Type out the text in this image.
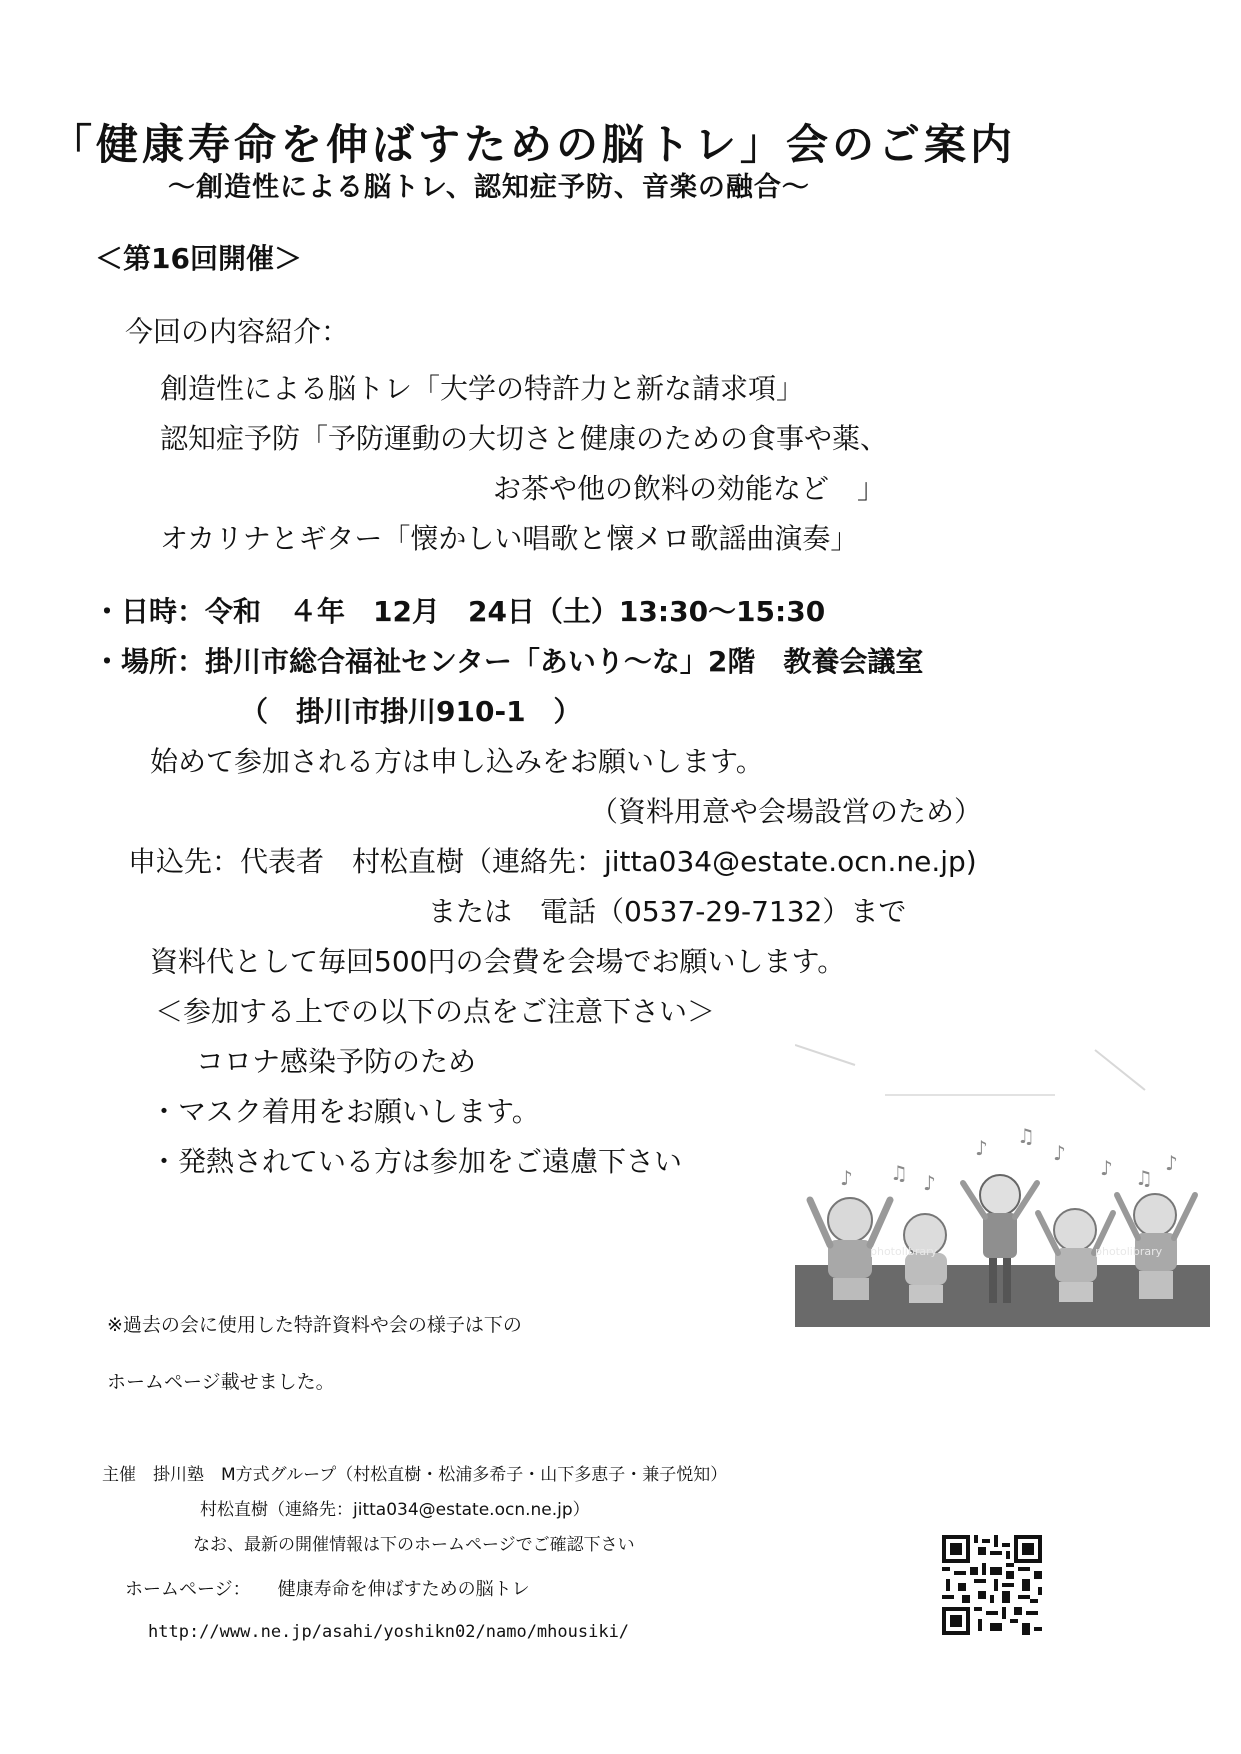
「健康寿命を伸ばすための脳トレ」会のご案内
～創造性による脳トレ、認知症予防、音楽の融合～
＜第16回開催＞
今回の内容紹介：
創造性による脳トレ「大学の特許力と新な請求項」
認知症予防「予防運動の大切さと健康のための食事や薬、
お茶や他の飲料の効能など　」
オカリナとギター「懐かしい唱歌と懐メロ歌謡曲演奏」
・日時：令和　４年　12月　24日（土）13:30～15:30
・場所：掛川市総合福祉センター「あいり～な」2階　教養会議室
（　掛川市掛川910-1　）
始めて参加される方は申し込みをお願いします。
（資料用意や会場設営のため）
申込先：代表者　村松直樹（連絡先：jitta034@estate.ocn.ne.jp)
または　電話（0537-29-7132）まで
資料代として毎回500円の会費を会場でお願いします。
＜参加する上での以下の点をご注意下さい＞
コロナ感染予防のため
・マスク着用をお願いします。
・発熱されている方は参加をご遠慮下さい	♪ ♫ ♪
♪ ♫
♪
♪ ♫
♪
photolibrary	photolibrary
※過去の会に使用した特許資料や会の様子は下の
ホームページ載せました。
主催　掛川塾　M方式グループ（村松直樹・松浦多希子・山下多恵子・兼子悦知）
村松直樹（連絡先：jitta034@estate.ocn.ne.jp）
なお、最新の開催情報は下のホームページでご確認下さい
ホームページ：　　健康寿命を伸ばすための脳トレ
http://www.ne.jp/asahi/yoshikn02/namo/mhousiki/
